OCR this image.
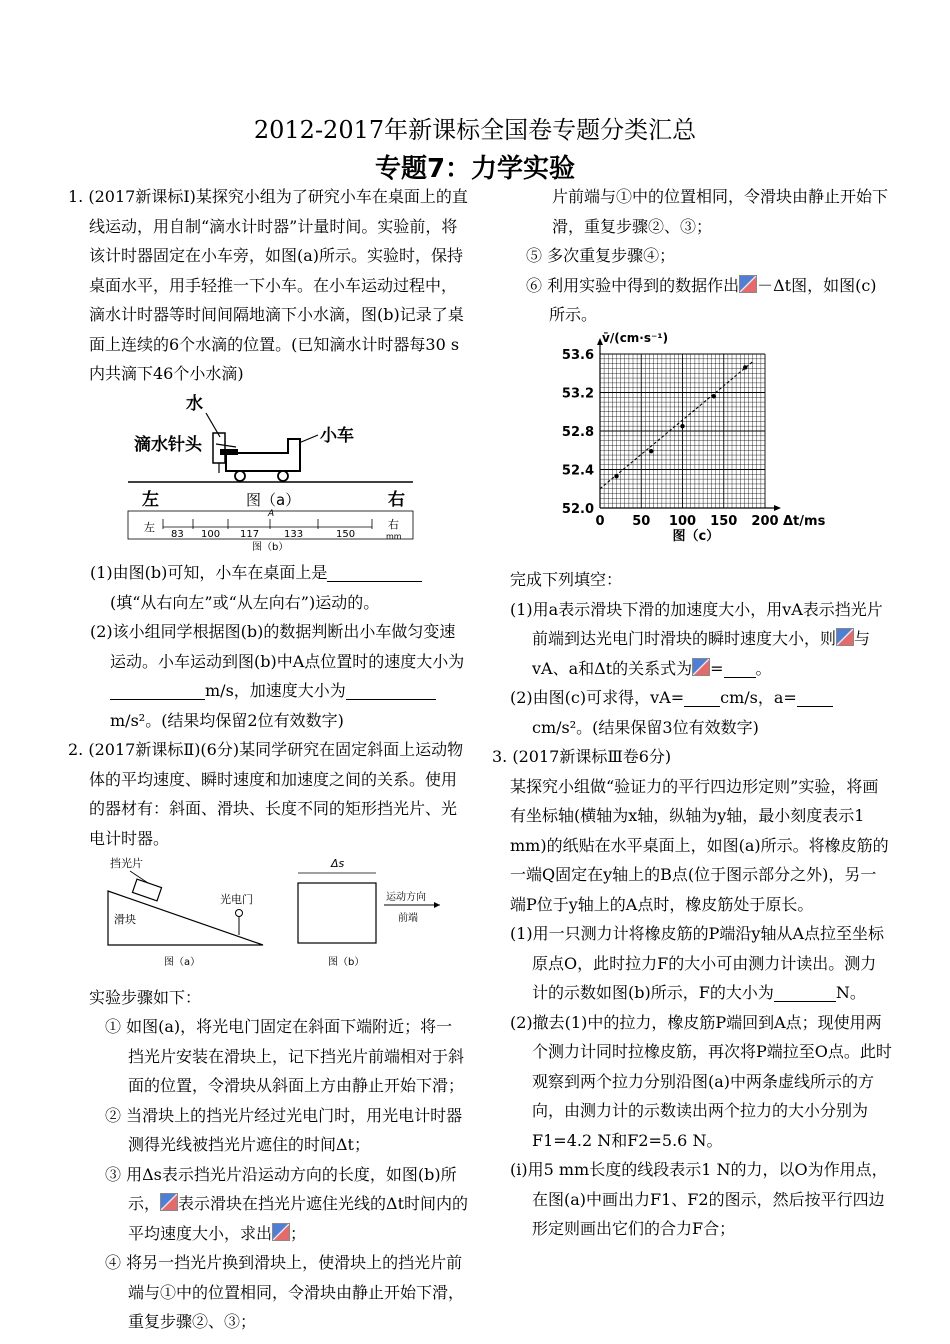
2012-2017年新课标全国卷专题分类汇总
专题7：力学实验
1. (2017新课标Ⅰ)某探究小组为了研究小车在桌面上的直线运动，用自制“滴水计时器”计量时间。实验前，将该计时器固定在小车旁，如图(a)所示。实验时，保持桌面水平，用手轻推一下小车。在小车运动过程中，滴水计时器等时间间隔地滴下小水滴，图(b)记录了桌面上连续的6个水滴的位置。(已知滴水计时器每30 s内共滴下46个小水滴)
水
滴水针头	小车
左	图（a）	右
左	右
mm
A
83 100 117 133	150
图（b）
(1)由图(b)可知，小车在桌面上是
(填“从右向左”或“从左向右”)运动的。
(2)该小组同学根据图(b)的数据判断出小车做匀变速运动。小车运动到图(b)中A点位置时的速度大小为m/s，加速度大小为m/s²。(结果均保留2位有效数字)
2. (2017新课标Ⅱ)(6分)某同学研究在固定斜面上运动物体的平均速度、瞬时速度和加速度之间的关系。使用的器材有：斜面、滑块、长度不同的矩形挡光片、光电计时器。
挡光片
滑块
光电门
图（a）
Δs
运动方向
前端
图（b）
实验步骤如下：
① 如图(a)，将光电门固定在斜面下端附近；将一挡光片安装在滑块上，记下挡光片前端相对于斜面的位置，令滑块从斜面上方由静止开始下滑；
② 当滑块上的挡光片经过光电门时，用光电计时器测得光线被挡光片遮住的时间Δt；
③ 用Δs表示挡光片沿运动方向的长度，如图(b)所示， 表示滑块在挡光片遮住光线的Δt时间内的平均速度大小，求出 ；
④ 将另一挡光片换到滑块上，使滑块上的挡光片前端与①中的位置相同，令滑块由静止开始下滑，重复步骤②、③；
片前端与①中的位置相同，令滑块由静止开始下滑，重复步骤②、③；
⑤ 多次重复步骤④；
⑥ 利用实验中得到的数据作出 －Δt图，如图(c)所示。
0 50 100 150 200
52.0
52.4
52.8
53.2
53.6
v̄/(cm·s⁻¹)
Δt/ms
图（c）
完成下列填空：
(1)用a表示滑块下滑的加速度大小，用vA表示挡光片前端到达光电门时滑块的瞬时速度大小，则 与vA、a和Δt的关系式为 = 。
(2)由图(c)可求得，vA= cm/s，a=cm/s²。(结果保留3位有效数字)
3. (2017新课标Ⅲ卷6分)
某探究小组做“验证力的平行四边形定则”实验，将画有坐标轴(横轴为x轴，纵轴为y轴，最小刻度表示1 mm)的纸贴在水平桌面上，如图(a)所示。将橡皮筋的一端Q固定在y轴上的B点(位于图示部分之外)，另一端P位于y轴上的A点时，橡皮筋处于原长。
(1)用一只测力计将橡皮筋的P端沿y轴从A点拉至坐标原点O，此时拉力F的大小可由测力计读出。测力计的示数如图(b)所示，F的大小为	N。
(2)撤去(1)中的拉力，橡皮筋P端回到A点；现使用两个测力计同时拉橡皮筋，再次将P端拉至O点。此时观察到两个拉力分别沿图(a)中两条虚线所示的方向，由测力计的示数读出两个拉力的大小分别为F1=4.2 N和F2=5.6 N。
(i)用5 mm长度的线段表示1 N的力，以O为作用点，在图(a)中画出力F1、F2的图示，然后按平行四边形定则画出它们的合力F合；
